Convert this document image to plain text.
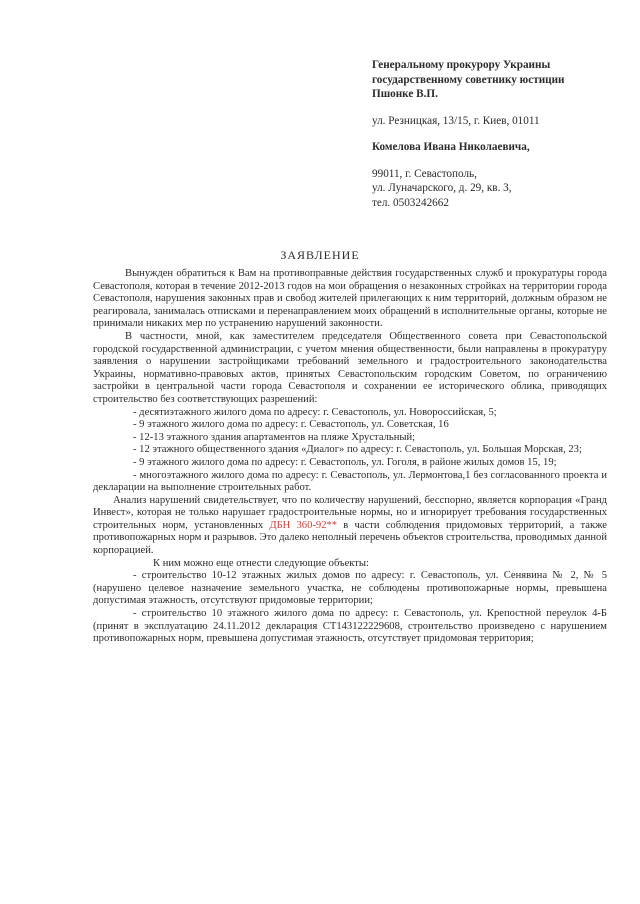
Генеральному прокурору Украины
государственному советнику юстиции
Пшонке В.П.
ул. Резницкая, 13/15, г. Киев, 01011
Комелова Ивана Николаевича,
99011, г. Севастополь,
ул. Луначарского, д. 29, кв. 3,
тел. 0503242662
ЗАЯВЛЕНИЕ

Вынужден обратиться к Вам на противоправные действия государственных служб и прокуратуры города Севастополя, которая в течение 2012-2013 годов на мои обращения о незаконных стройках на территории города Севастополя, нарушения законных прав и свобод жителей прилегающих к ним территорий, должным образом не реагировала, занималась отписками и перенаправлением моих обращений в исполнительные органы, которые не принимали никаких мер по устранению нарушений законности.

В частности, мной, как заместителем председателя Общественного совета при Севастопольской городской государственной администрации, с учетом мнения общественности, были направлены в прокуратуру заявления о нарушении застройщиками требований земельного и градостроительного законодательства Украины, нормативно-правовых актов, принятых Севастопольским городским Советом, по ограничению застройки в центральной части города Севастополя и сохранении ее исторического облика, приводящих строительство без соответствующих разрешений:

- десятиэтажного жилого дома по адресу: г. Севастополь, ул. Новороссийская, 5;

- 9 этажного жилого дома по адресу: г. Севастополь, ул. Советская, 16

- 12-13 этажного здания апартаментов на пляже Хрустальный;

- 12 этажного общественного здания «Диалог» по адресу: г. Севастополь, ул. Большая Морская, 23;

- 9 этажного жилого дома по адресу: г. Севастополь, ул. Гоголя, в районе жилых домов 15, 19;

- многоэтажного жилого дома по адресу: г. Севастополь, ул. Лермонтова,1 без согласованного проекта и декларации на выполнение строительных работ.

Анализ нарушений свидетельствует, что по количеству нарушений, бесспорно, является корпорация «Гранд Инвест», которая не только нарушает градостроительные нормы, но и игнорирует требования государственных строительных норм, установленных ДБН 360-92** в части соблюдения придомовых территорий, а также противопожарных норм и разрывов. Это далеко неполный перечень объектов строительства, проводимых данной корпорацией.

К ним можно еще отнести следующие объекты:

- строительство 10-12 этажных жилых домов по адресу: г. Севастополь, ул. Сенявина № 2, № 5 (нарушено целевое назначение земельного участка, не соблюдены противопожарные нормы, превышена допустимая этажность, отсутствуют придомовые территории;

- строительство 10 этажного жилого дома по адресу: г. Севастополь, ул. Крепостной переулок 4-Б (принят в эксплуатацию 24.11.2012 декларация СТ143122229608, строительство произведено с нарушением противопожарных норм, превышена допустимая этажность, отсутствует придомовая территория;
